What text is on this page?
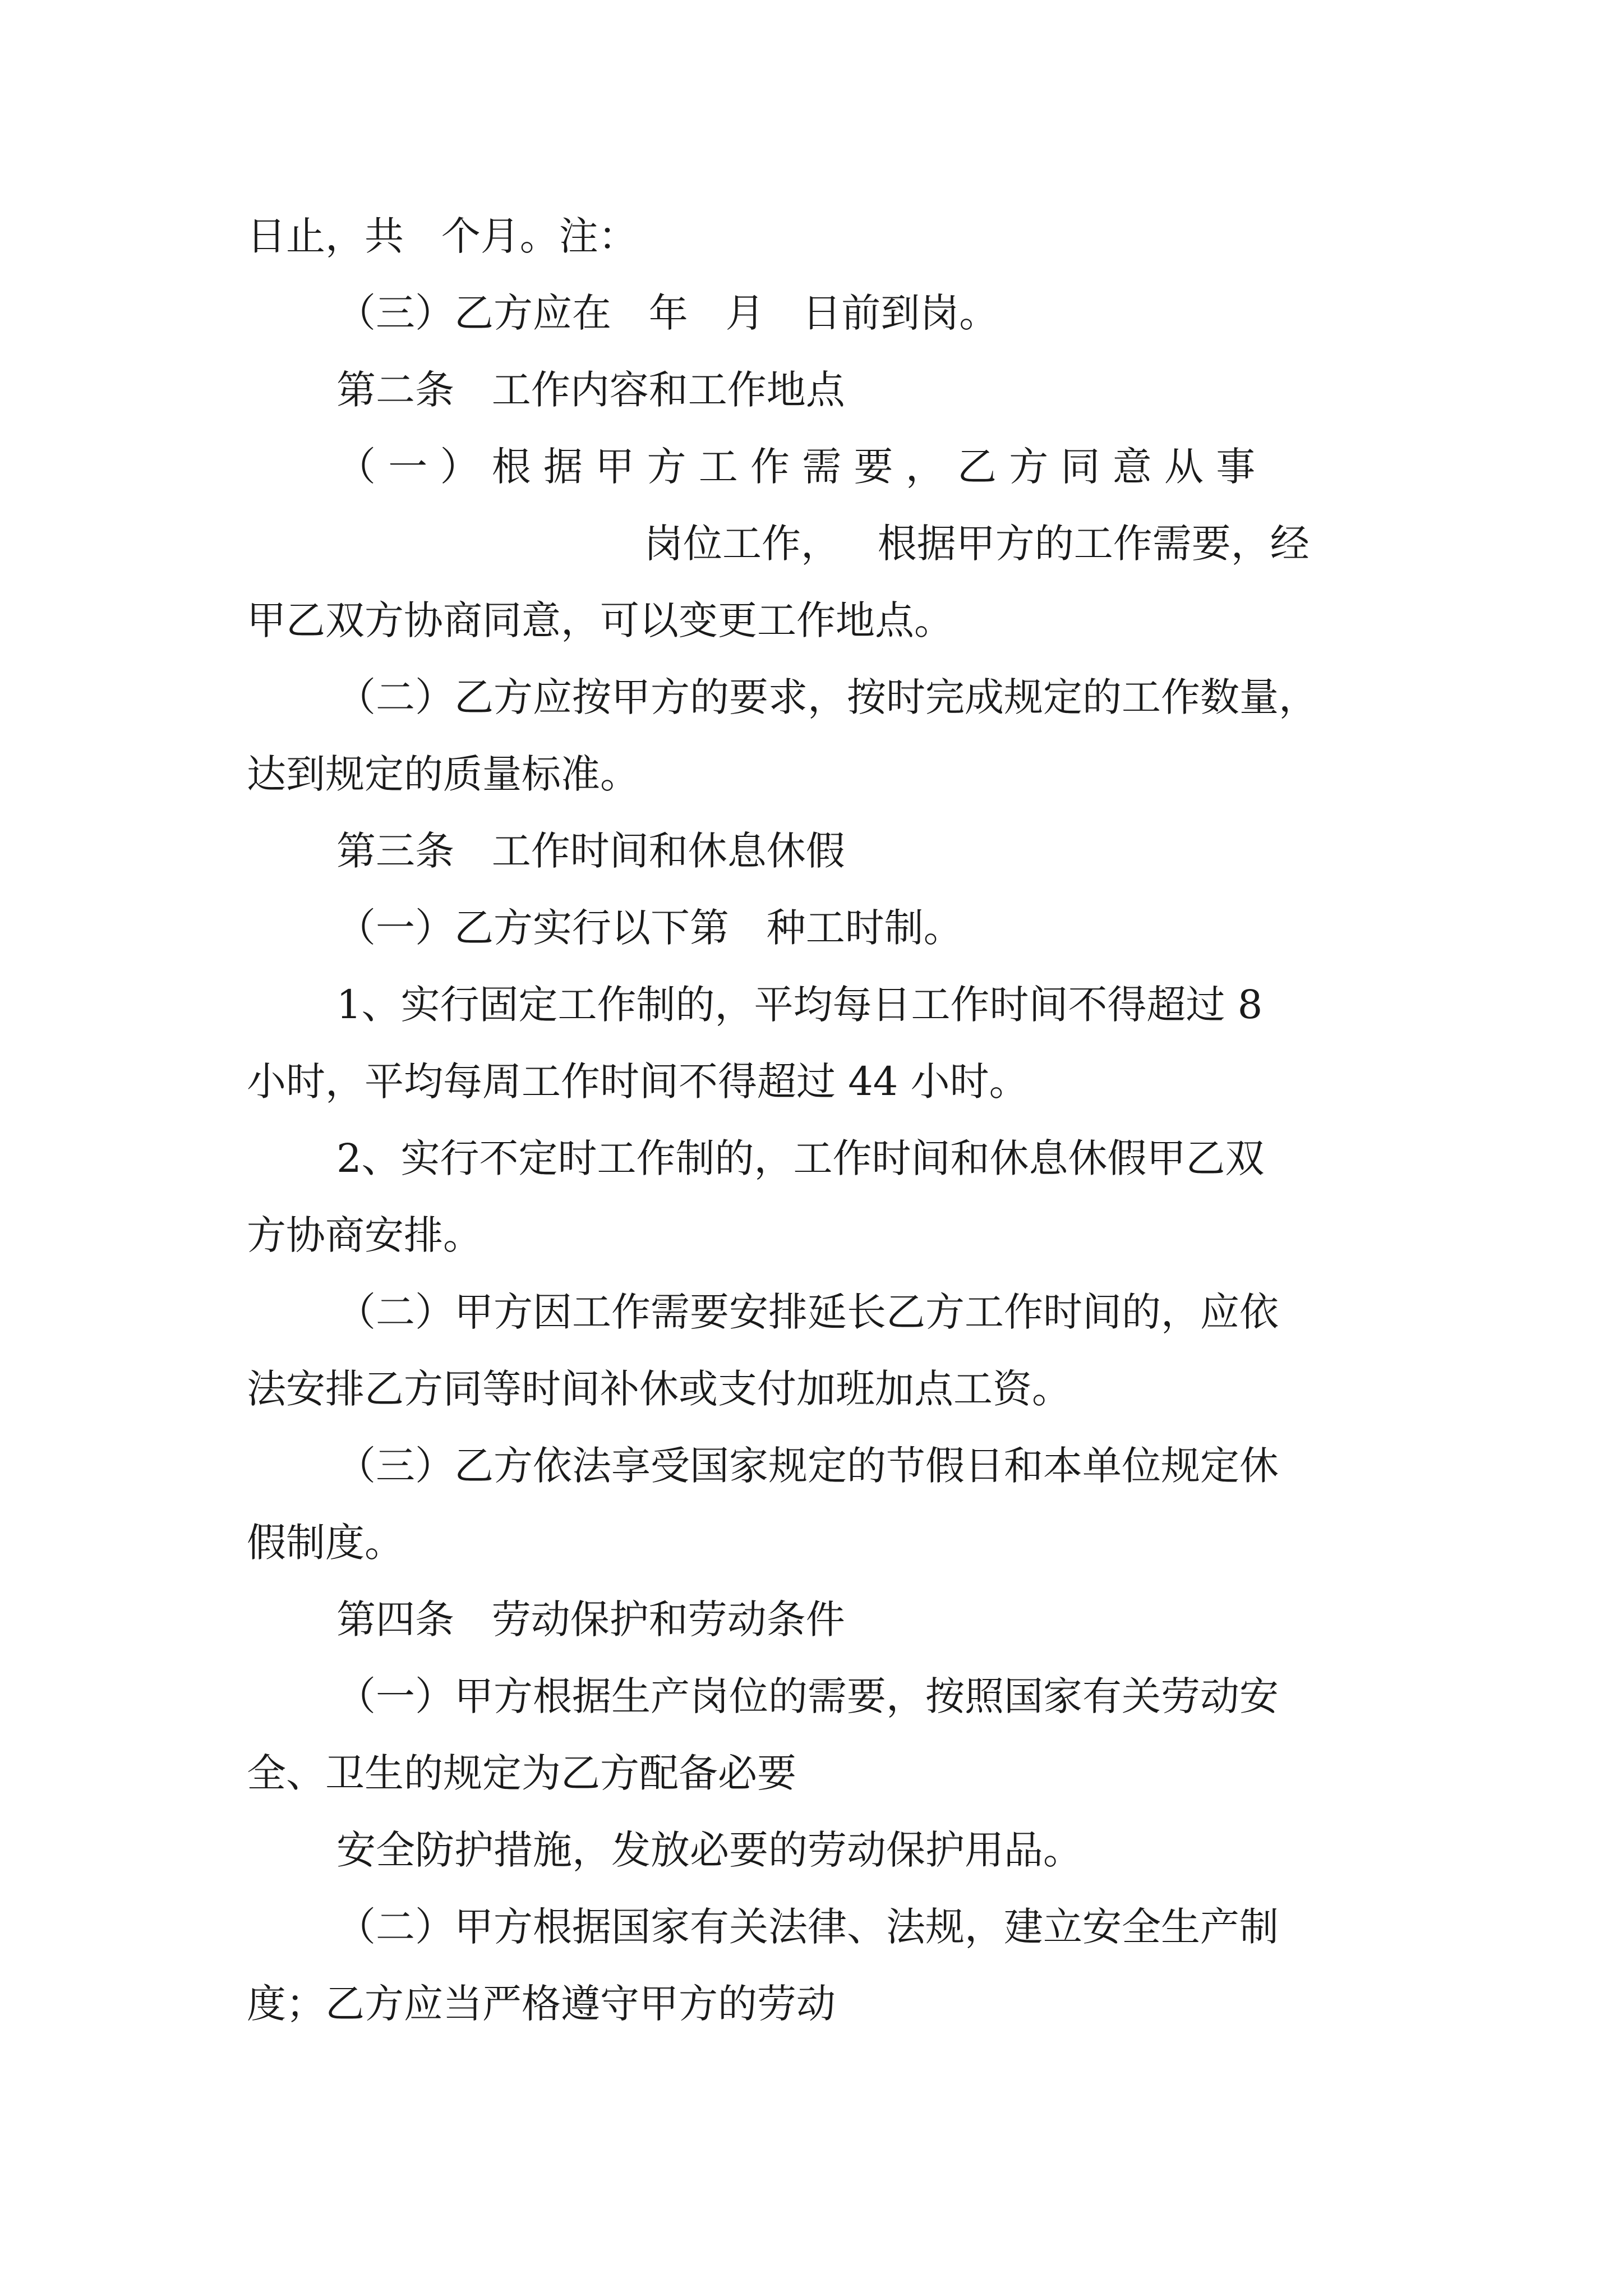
日止，共   个月。注：
（三）乙方应在   年   月   日前到岗。
第二条   工作内容和工作地点
（ 一 ） 根 据 甲 方 工 作 需 要 ， 乙 方 同 意 从 事
岗位工作，   根据甲方的工作需要，经
甲乙双方协商同意，可以变更工作地点。
（二）乙方应按甲方的要求，按时完成规定的工作数量，
达到规定的质量标准。
第三条   工作时间和休息休假
（一）乙方实行以下第   种工时制。
1、实行固定工作制的，平均每日工作时间不得超过 8
小时，平均每周工作时间不得超过 44 小时。
2、实行不定时工作制的，工作时间和休息休假甲乙双
方协商安排。
（二）甲方因工作需要安排延长乙方工作时间的，应依
法安排乙方同等时间补休或支付加班加点工资。
（三）乙方依法享受国家规定的节假日和本单位规定休
假制度。
第四条   劳动保护和劳动条件
（一）甲方根据生产岗位的需要，按照国家有关劳动安
全、卫生的规定为乙方配备必要
安全防护措施，发放必要的劳动保护用品。
（二）甲方根据国家有关法律、法规，建立安全生产制
度；乙方应当严格遵守甲方的劳动
